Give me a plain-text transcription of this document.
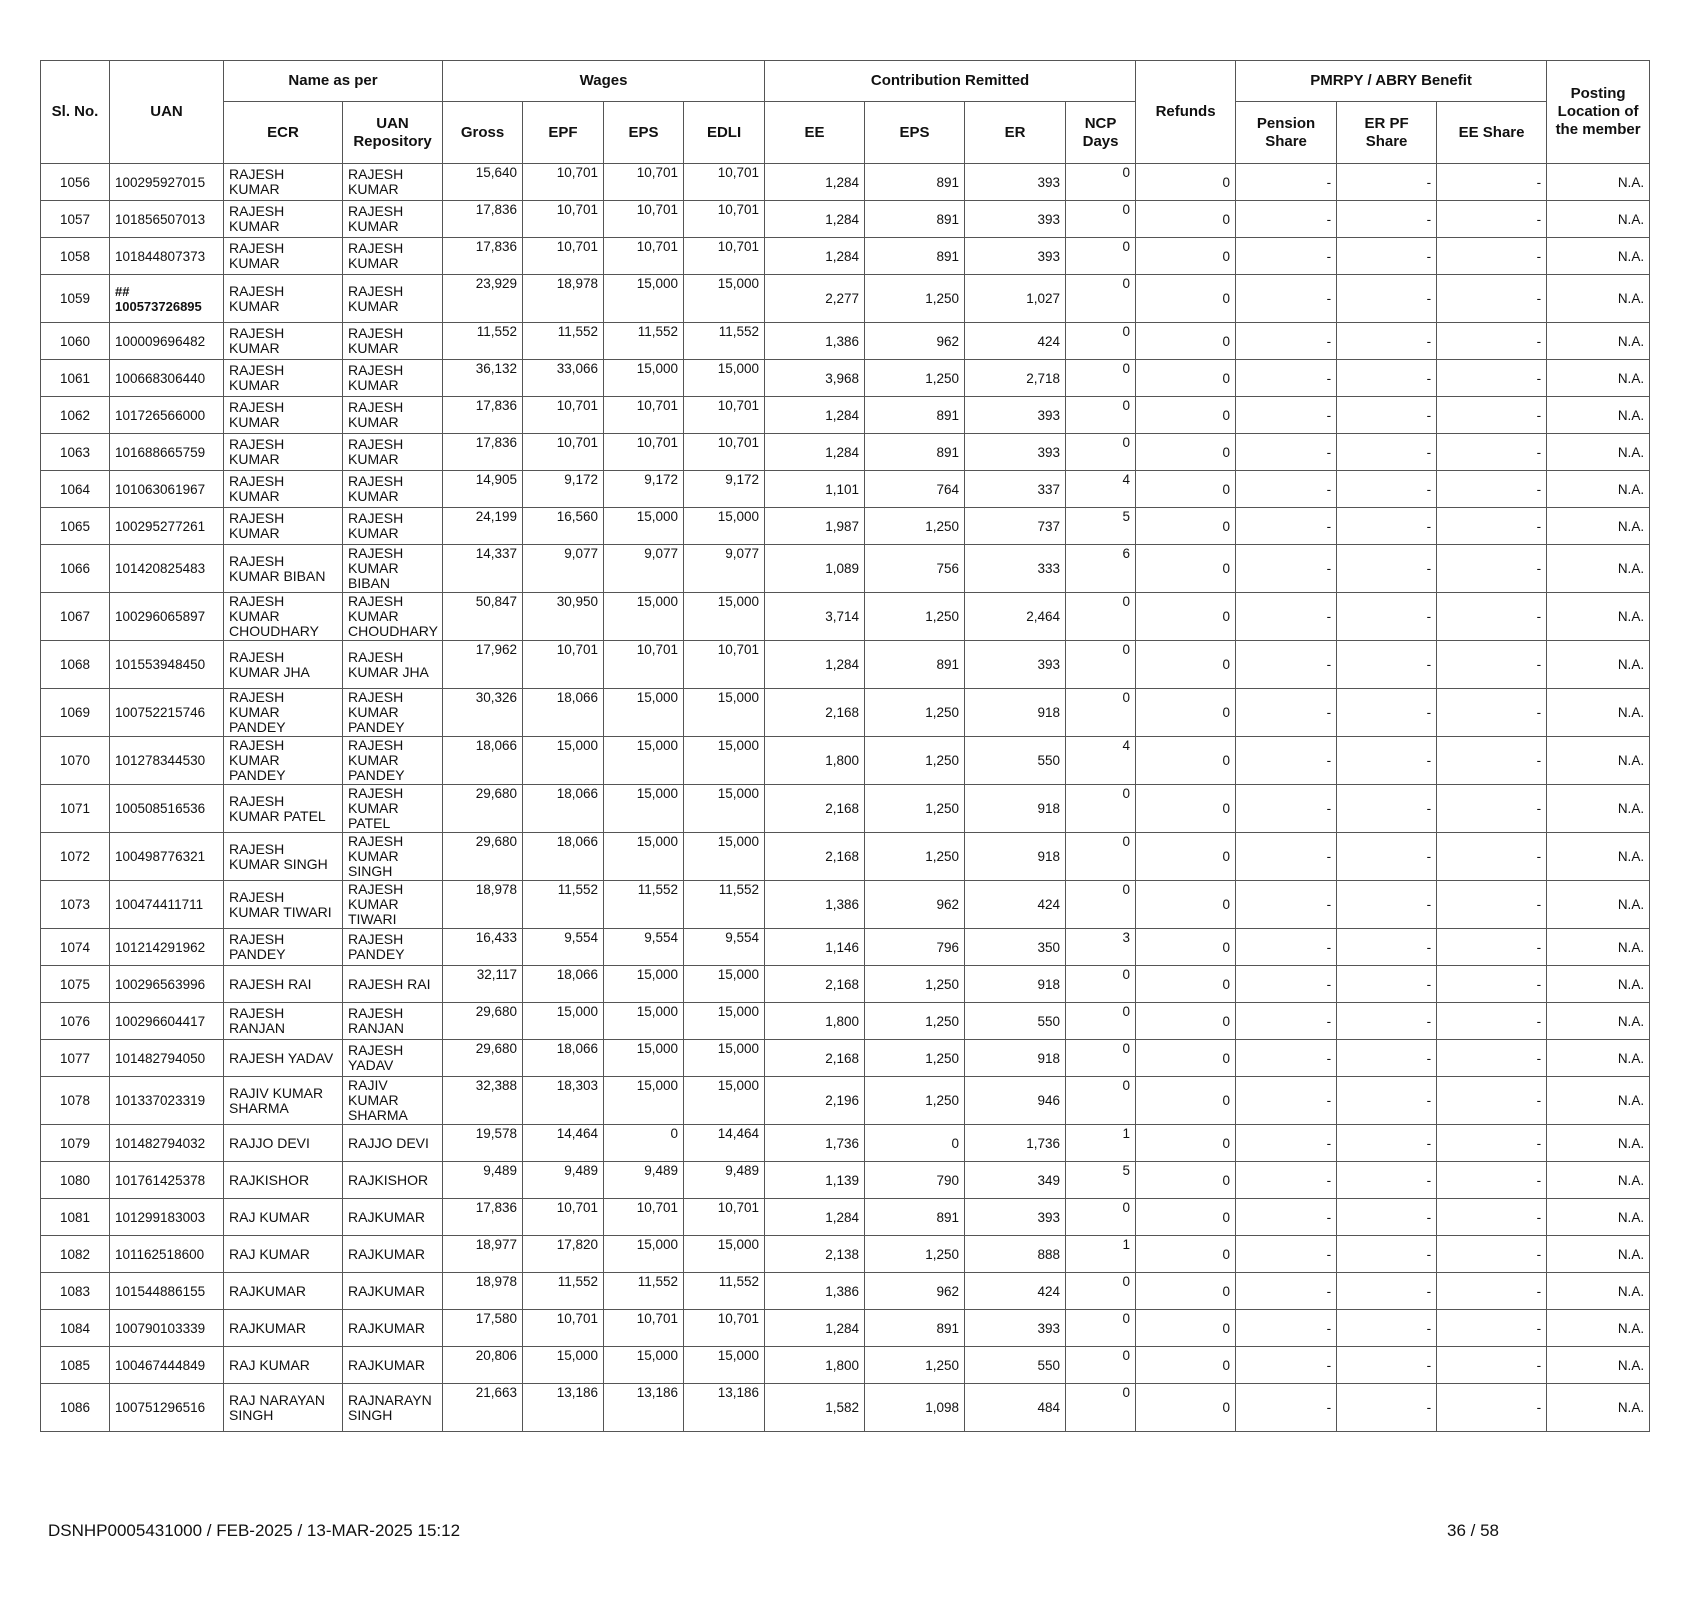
Sl. No.	UAN	Name as per		Wages				Contribution Remitted				Refunds	PMRPY / ABRY Benefit			Posting Location of the member
		ECR	UAN Repository	Gross	EPF	EPS	EDLI	EE	EPS	ER	NCP Days		Pension Share	ER PF Share	EE Share	
1056	100295927015	RAJESH KUMAR	RAJESH KUMAR	15,640	10,701	10,701	10,701	1,284	891	393	0	0	-	-	-	N.A.
1057	101856507013	RAJESH KUMAR	RAJESH KUMAR	17,836	10,701	10,701	10,701	1,284	891	393	0	0	-	-	-	N.A.
1058	101844807373	RAJESH KUMAR	RAJESH KUMAR	17,836	10,701	10,701	10,701	1,284	891	393	0	0	-	-	-	N.A.
1059	## 100573726895	RAJESH KUMAR	RAJESH KUMAR	23,929	18,978	15,000	15,000	2,277	1,250	1,027	0	0	-	-	-	N.A.
1060	100009696482	RAJESH KUMAR	RAJESH KUMAR	11,552	11,552	11,552	11,552	1,386	962	424	0	0	-	-	-	N.A.
1061	100668306440	RAJESH KUMAR	RAJESH KUMAR	36,132	33,066	15,000	15,000	3,968	1,250	2,718	0	0	-	-	-	N.A.
1062	101726566000	RAJESH KUMAR	RAJESH KUMAR	17,836	10,701	10,701	10,701	1,284	891	393	0	0	-	-	-	N.A.
1063	101688665759	RAJESH KUMAR	RAJESH KUMAR	17,836	10,701	10,701	10,701	1,284	891	393	0	0	-	-	-	N.A.
1064	101063061967	RAJESH KUMAR	RAJESH KUMAR	14,905	9,172	9,172	9,172	1,101	764	337	4	0	-	-	-	N.A.
1065	100295277261	RAJESH KUMAR	RAJESH KUMAR	24,199	16,560	15,000	15,000	1,987	1,250	737	5	0	-	-	-	N.A.
1066	101420825483	RAJESH KUMAR BIBAN	RAJESH KUMAR BIBAN	14,337	9,077	9,077	9,077	1,089	756	333	6	0	-	-	-	N.A.
1067	100296065897	RAJESH KUMAR CHOUDHARY	RAJESH KUMAR CHOUDHARY	50,847	30,950	15,000	15,000	3,714	1,250	2,464	0	0	-	-	-	N.A.
1068	101553948450	RAJESH KUMAR JHA	RAJESH KUMAR JHA	17,962	10,701	10,701	10,701	1,284	891	393	0	0	-	-	-	N.A.
1069	100752215746	RAJESH KUMAR PANDEY	RAJESH KUMAR PANDEY	30,326	18,066	15,000	15,000	2,168	1,250	918	0	0	-	-	-	N.A.
1070	101278344530	RAJESH KUMAR PANDEY	RAJESH KUMAR PANDEY	18,066	15,000	15,000	15,000	1,800	1,250	550	4	0	-	-	-	N.A.
1071	100508516536	RAJESH KUMAR PATEL	RAJESH KUMAR PATEL	29,680	18,066	15,000	15,000	2,168	1,250	918	0	0	-	-	-	N.A.
1072	100498776321	RAJESH KUMAR SINGH	RAJESH KUMAR SINGH	29,680	18,066	15,000	15,000	2,168	1,250	918	0	0	-	-	-	N.A.
1073	100474411711	RAJESH KUMAR TIWARI	RAJESH KUMAR TIWARI	18,978	11,552	11,552	11,552	1,386	962	424	0	0	-	-	-	N.A.
1074	101214291962	RAJESH PANDEY	RAJESH PANDEY	16,433	9,554	9,554	9,554	1,146	796	350	3	0	-	-	-	N.A.
1075	100296563996	RAJESH RAI	RAJESH RAI	32,117	18,066	15,000	15,000	2,168	1,250	918	0	0	-	-	-	N.A.
1076	100296604417	RAJESH RANJAN	RAJESH RANJAN	29,680	15,000	15,000	15,000	1,800	1,250	550	0	0	-	-	-	N.A.
1077	101482794050	RAJESH YADAV	RAJESH YADAV	29,680	18,066	15,000	15,000	2,168	1,250	918	0	0	-	-	-	N.A.
1078	101337023319	RAJIV KUMAR SHARMA	RAJIV KUMAR SHARMA	32,388	18,303	15,000	15,000	2,196	1,250	946	0	0	-	-	-	N.A.
1079	101482794032	RAJJO DEVI	RAJJO DEVI	19,578	14,464	0	14,464	1,736	0	1,736	1	0	-	-	-	N.A.
1080	101761425378	RAJKISHOR	RAJKISHOR	9,489	9,489	9,489	9,489	1,139	790	349	5	0	-	-	-	N.A.
1081	101299183003	RAJ KUMAR	RAJKUMAR	17,836	10,701	10,701	10,701	1,284	891	393	0	0	-	-	-	N.A.
1082	101162518600	RAJ KUMAR	RAJKUMAR	18,977	17,820	15,000	15,000	2,138	1,250	888	1	0	-	-	-	N.A.
1083	101544886155	RAJKUMAR	RAJKUMAR	18,978	11,552	11,552	11,552	1,386	962	424	0	0	-	-	-	N.A.
1084	100790103339	RAJKUMAR	RAJKUMAR	17,580	10,701	10,701	10,701	1,284	891	393	0	0	-	-	-	N.A.
1085	100467444849	RAJ KUMAR	RAJKUMAR	20,806	15,000	15,000	15,000	1,800	1,250	550	0	0	-	-	-	N.A.
1086	100751296516	RAJ NARAYAN SINGH	RAJNARAYN SINGH	21,663	13,186	13,186	13,186	1,582	1,098	484	0	0	-	-	-	N.A.
DSNHP0005431000 / FEB-2025 / 13-MAR-2025 15:12	36 / 58
